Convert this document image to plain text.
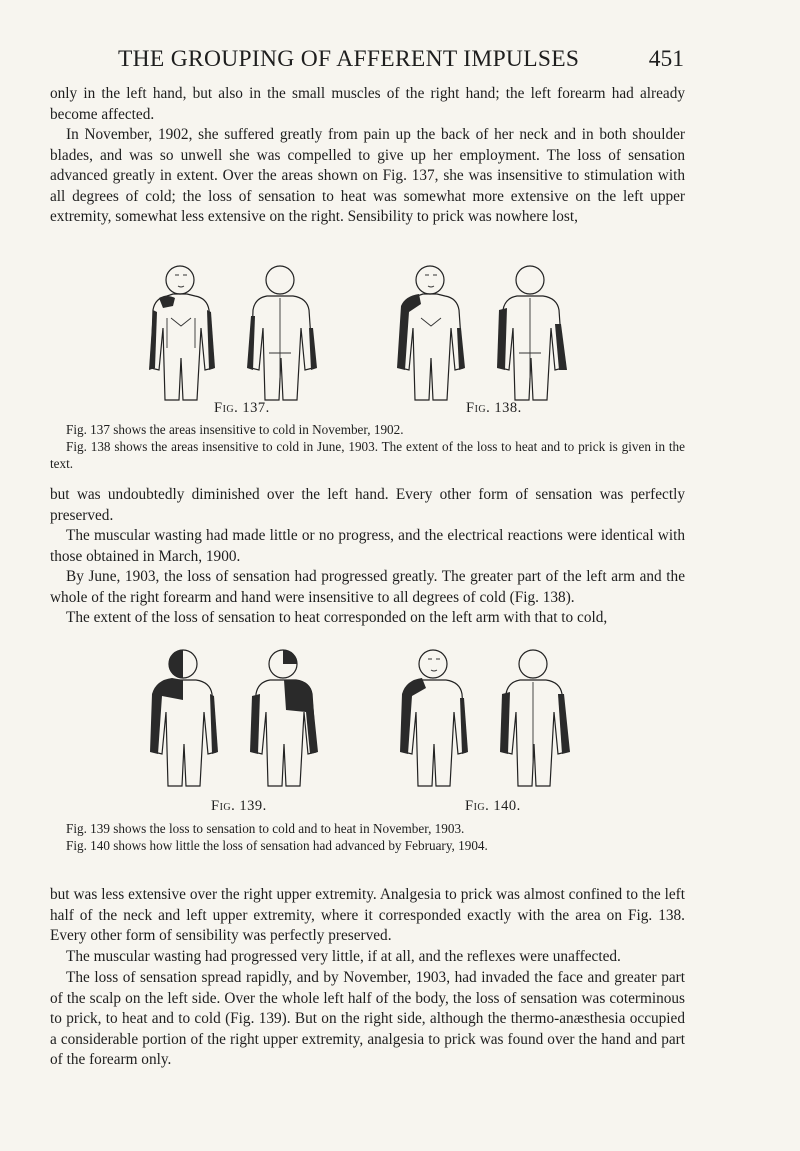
THE GROUPING OF AFFERENT IMPULSES	451

only in the left hand, but also in the small muscles of the right hand; the left forearm had already become affected.

In November, 1902, she suffered greatly from pain up the back of her neck and in both shoulder blades, and was so unwell she was compelled to give up her employment. The loss of sensation advanced greatly in extent. Over the areas shown on Fig. 137, she was insensitive to stimulation with all degrees of cold; the loss of sensation to heat was somewhat more extensive on the left upper extremity, somewhat less extensive on the right. Sensibility to prick was nowhere lost,

Fig. 137.	Fig. 138.

Fig. 137 shows the areas insensitive to cold in November, 1902.

Fig. 138 shows the areas insensitive to cold in June, 1903. The extent of the loss to heat and to prick is given in the text.

but was undoubtedly diminished over the left hand. Every other form of sensation was perfectly preserved.

The muscular wasting had made little or no progress, and the electrical reactions were identical with those obtained in March, 1900.

By June, 1903, the loss of sensation had progressed greatly. The greater part of the left arm and the whole of the right forearm and hand were insensitive to all degrees of cold (Fig. 138).

The extent of the loss of sensation to heat corresponded on the left arm with that to cold,

Fig. 139.	Fig. 140.

Fig. 139 shows the loss to sensation to cold and to heat in November, 1903.

Fig. 140 shows how little the loss of sensation had advanced by February, 1904.

but was less extensive over the right upper extremity. Analgesia to prick was almost confined to the left half of the neck and left upper extremity, where it corresponded exactly with the area on Fig. 138. Every other form of sensibility was perfectly preserved.

The muscular wasting had progressed very little, if at all, and the reflexes were unaffected.

The loss of sensation spread rapidly, and by November, 1903, had invaded the face and greater part of the scalp on the left side. Over the whole left half of the body, the loss of sensation was coterminous to prick, to heat and to cold (Fig. 139). But on the right side, although the thermo-anæsthesia occupied a considerable portion of the right upper extremity, analgesia to prick was found over the hand and part of the forearm only.
